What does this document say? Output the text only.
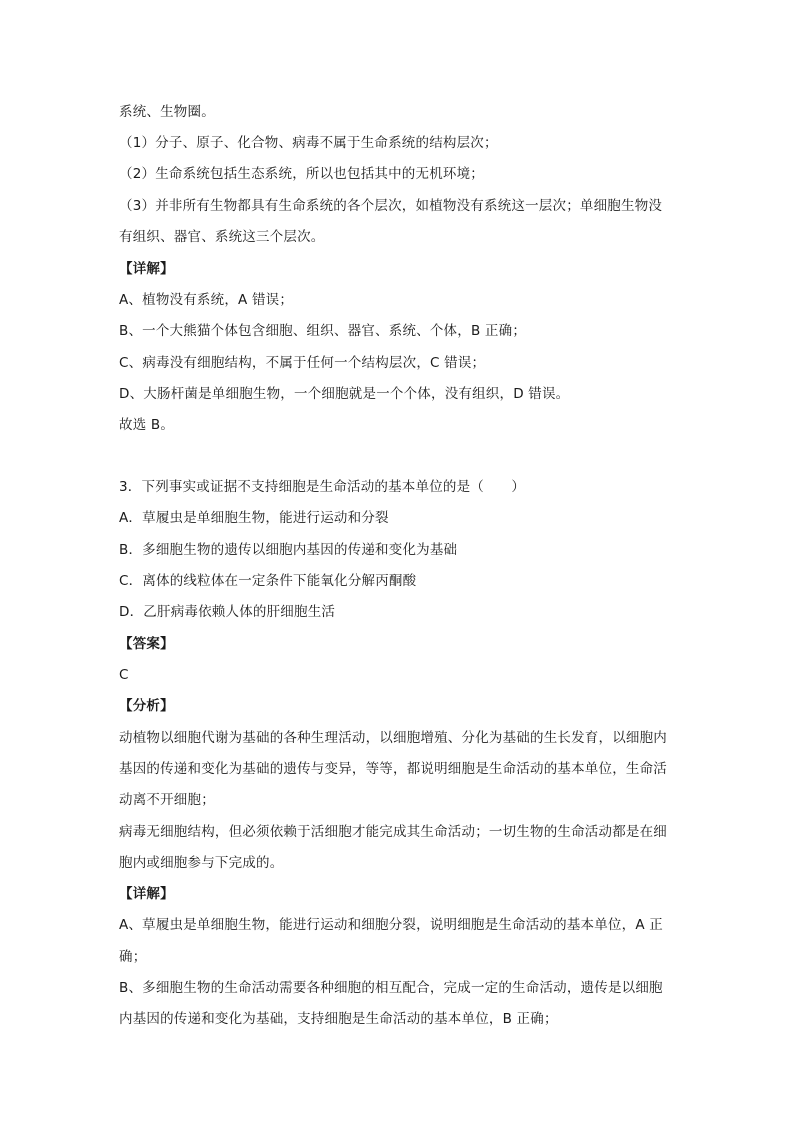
系统、生物圈。
（1）分子、原子、化合物、病毒不属于生命系统的结构层次；
（2）生命系统包括生态系统，所以也包括其中的无机环境；
（3）并非所有生物都具有生命系统的各个层次，如植物没有系统这一层次；单细胞生物没
有组织、器官、系统这三个层次。
【详解】
A、植物没有系统，A 错误；
B、一个大熊猫个体包含细胞、组织、器官、系统、个体，B 正确；
C、病毒没有细胞结构，不属于任何一个结构层次，C 错误；
D、大肠杆菌是单细胞生物，一个细胞就是一个个体，没有组织，D 错误。
故选 B。
3．下列事实或证据不支持细胞是生命活动的基本单位的是（　　）
A．草履虫是单细胞生物，能进行运动和分裂
B．多细胞生物的遗传以细胞内基因的传递和变化为基础
C．离体的线粒体在一定条件下能氧化分解丙酮酸
D．乙肝病毒依赖人体的肝细胞生活
【答案】
C
【分析】
动植物以细胞代谢为基础的各种生理活动，以细胞增殖、分化为基础的生长发育，以细胞内
基因的传递和变化为基础的遗传与变异，等等，都说明细胞是生命活动的基本单位，生命活
动离不开细胞；
病毒无细胞结构，但必须依赖于活细胞才能完成其生命活动；一切生物的生命活动都是在细
胞内或细胞参与下完成的。
【详解】
A、草履虫是单细胞生物，能进行运动和细胞分裂，说明细胞是生命活动的基本单位，A 正
确；
B、多细胞生物的生命活动需要各种细胞的相互配合，完成一定的生命活动，遗传是以细胞
内基因的传递和变化为基础，支持细胞是生命活动的基本单位，B 正确；
